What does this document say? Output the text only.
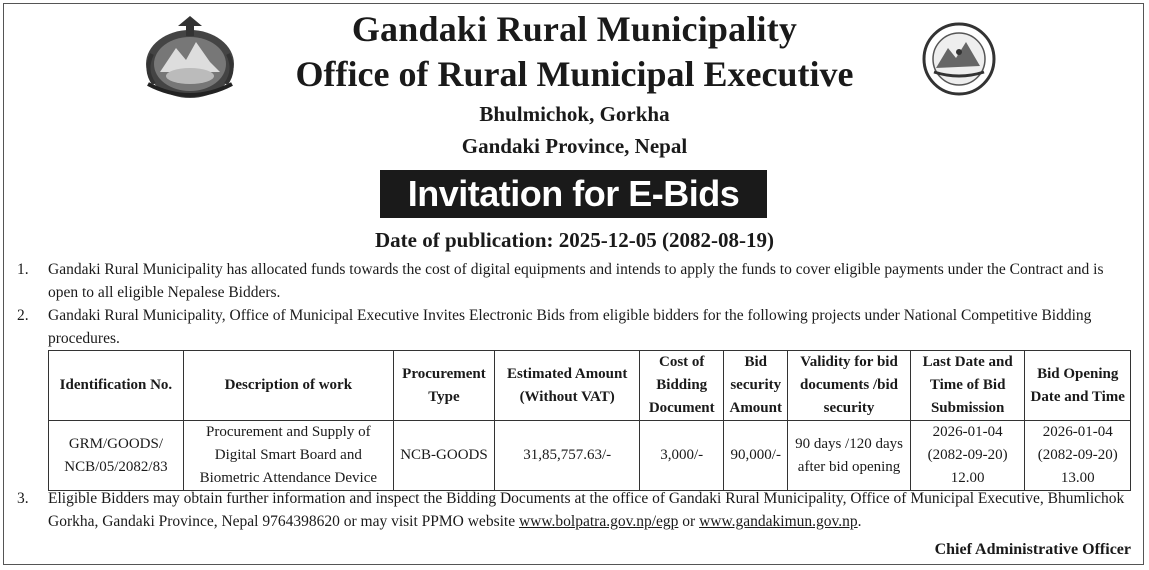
Gandaki Rural Municipality
Office of Rural Municipal Executive
Bhulmichok, Gorkha
Gandaki Province, Nepal
Invitation for E-Bids
Date of publication: 2025-12-05 (2082-08-19)
1. Gandaki Rural Municipality has allocated funds towards the cost of digital equipments and intends to apply the funds to cover eligible payments under the Contract and is open to all eligible Nepalese Bidders.
2. Gandaki Rural Municipality, Office of Municipal Executive Invites Electronic Bids from eligible bidders for the following projects under National Competitive Bidding procedures.
Identification No.	Description of work	Procurement Type	Estimated Amount (Without VAT)	Cost of Bidding Document	Bid security Amount	Validity for bid documents /bid security	Last Date and Time of Bid Submission	Bid Opening Date and Time
GRM/GOODS/ NCB/05/2082/83	Procurement and Supply of Digital Smart Board and Biometric Attendance Device	NCB-GOODS	31,85,757.63/-	3,000/-	90,000/-	90 days /120 days after bid opening	2026-01-04 (2082-09-20) 12.00	2026-01-04 (2082-09-20) 13.00
3. Eligible Bidders may obtain further information and inspect the Bidding Documents at the office of Gandaki Rural Municipality, Office of Municipal Executive, Bhumlichok Gorkha, Gandaki Province, Nepal 9764398620 or may visit PPMO website www.bolpatra.gov.np/egp or www.gandakimun.gov.np.
Chief Administrative Officer
